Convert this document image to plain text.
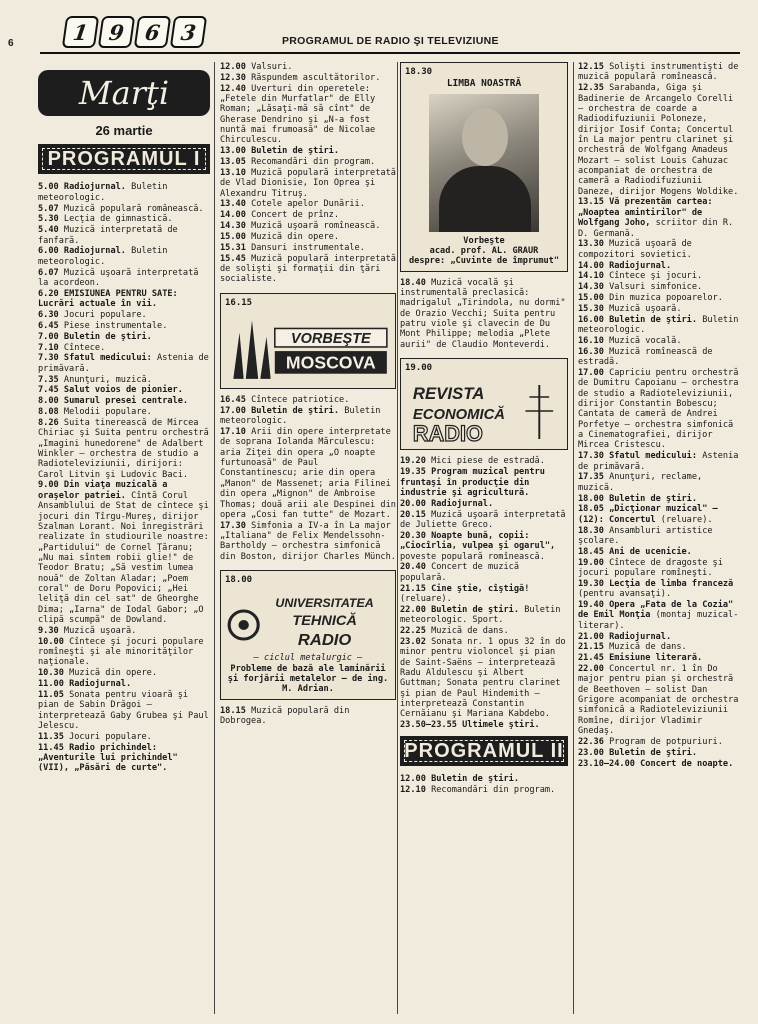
6	1 9 6 3	PROGRAMUL DE RADIO ŞI TELEVIZIUNE
Marţi
26 martie
PROGRAMUL I
5.00 Radiojurnal. Buletin meteorologic.
5.07 Muzică populară românească.
5.30 Lecţia de gimnastică.
5.40 Muzică interpretată de fanfară.
6.00 Radiojurnal. Buletin meteorologic.
6.07 Muzică uşoară interpretată la acordeon.
6.20 EMISIUNEA PENTRU SATE: Lucrări actuale în vii.
6.30 Jocuri populare.
6.45 Piese instrumentale.
7.00 Buletin de ştiri.
7.10 Cîntece.
7.30 Sfatul medicului: Astenia de primăvară.
7.35 Anunţuri, muzică.
7.45 Salut voios de pionier.
8.00 Sumarul presei centrale.
8.08 Melodii populare.
8.26 Suita tinerească de Mircea Chiriac şi Suita pentru orchestră „Imagini hunedorene" de Adalbert Winkler — orchestra de studio a Radioteleviziunii, dirijori: Carol Litvin şi Ludovic Baci.
9.00 Din viaţa muzicală a oraşelor patriei. Cîntă Corul Ansamblului de Stat de cîntece şi jocuri din Tîrgu-Mureş, dirijor Szalman Lorant. Noi înregistrări realizate în studiourile noastre: „Partidului" de Cornel Ţăranu; „Nu mai sîntem robii glie!" de Teodor Bratu; „Să vestim lumea nouă" de Zoltan Aladar; „Poem coral" de Doru Popovici; „Hei leliţă din cel sat" de Gheorghe Dima; „Iarna" de Iodal Gabor; „O clipă scumpă" de Dowland.
9.30 Muzică uşoară.
10.00 Cîntece şi jocuri populare romîneşti şi ale minorităţilor naţionale.
10.30 Muzică din opere.
11.00 Radiojurnal.
11.05 Sonata pentru vioară şi pian de Sabin Drăgoi — interpretează Gaby Grubea şi Paul Jelescu.
11.35 Jocuri populare.
11.45 Radio prichindel: „Aventurile lui prichindel" (VII), „Păsări de curte".
12.00 Valsuri.
12.30 Răspundem ascultătorilor.
12.40 Uverturi din operetele: „Fetele din Murfatlar" de Elly Roman; „Lăsaţi-mă să cînt" de Gherase Dendrino şi „N-a fost nuntă mai frumoasă" de Nicolae Chirculescu.
13.00 Buletin de ştiri.
13.05 Recomandări din program.
13.10 Muzică populară interpretată de Vlad Dionisie, Ion Oprea şi Alexandru Titruş.
13.40 Cotele apelor Dunării.
14.00 Concert de prînz.
14.30 Muzică uşoară romînească.
15.00 Muzică din opere.
15.31 Dansuri instrumentale.
15.45 Muzică populară interpretată de solişti şi formaţii din ţări socialiste.
16.15
VORBEŞTE
MOSCOVA
16.45 Cîntece patriotice.
17.00 Buletin de ştiri. Buletin meteorologic.
17.10 Arii din opere interpretate de soprana Iolanda Mărculescu: aria Ziţei din opera „O noapte furtunoasă" de Paul Constantinescu; arie din opera „Manon" de Massenet; aria Filinei din opera „Mignon" de Ambroise Thomas; două arii ale Despinei din opera „Cosi fan tutte" de Mozart.
17.30 Simfonia a IV-a în La major „Italiana" de Felix Mendelssohn-Bartholdy — orchestra simfonică din Boston, dirijor Charles Münch.
18.00
UNIVERSITATEA
TEHNICĂ
RADIO
— ciclul metalurgic —
Probleme de bază ale laminării şi forjării metalelor — de ing. M. Adrian.
18.15 Muzică populară din Dobrogea.
18.30
LIMBA NOASTRĂ
Vorbeşte
acad. prof. AL. GRAUR
despre: „Cuvinte de împrumut"
18.40 Muzică vocală şi instrumentală preclasică: madrigalul „Tirindola, nu dormi" de Orazio Vecchi; Suita pentru patru viole şi clavecin de Du Mont Philippe; melodia „Plete aurii" de Claudio Monteverdi.
19.00
REVISTA
ECONOMICĂ
RADIO
19.20 Mici piese de estradă.
19.35 Program muzical pentru fruntaşi în producţie din industrie şi agricultură.
20.00 Radiojurnal.
20.15 Muzică uşoară interpretată de Juliette Greco.
20.30 Noapte bună, copii: „Ciocîrlia, vulpea şi ogarul", poveste populară romînească.
20.40 Concert de muzică populară.
21.15 Cine ştie, cîştigă! (reluare).
22.00 Buletin de ştiri. Buletin meteorologic. Sport.
22.25 Muzică de dans.
23.02 Sonata nr. 1 opus 32 în do minor pentru violoncel şi pian de Saint-Saëns — interpretează Radu Aldulescu şi Albert Guttman; Sonata pentru clarinet şi pian de Paul Hindemith — interpretează Constantin Cernăianu şi Mariana Kabdebo.
23.50—23.55 Ultimele ştiri.
PROGRAMUL II
12.00 Buletin de ştiri.
12.10 Recomandări din program.
12.15 Solişti instrumentişti de muzică populară romînească.
12.35 Sarabanda, Giga şi Badinerie de Arcangelo Corelli — orchestra de coarde a Radiodifuziunii Poloneze, dirijor Iosif Conta; Concertul în La major pentru clarinet şi orchestră de Wolfgang Amadeus Mozart — solist Louis Cahuzac acompaniat de orchestra de cameră a Radiodifuziunii Daneze, dirijor Mogens Woldike.
13.15 Vă prezentăm cartea: „Noaptea amintirilor" de Wolfgang Joho, scriitor din R. D. Germană.
13.30 Muzică uşoară de compozitori sovietici.
14.00 Radiojurnal.
14.10 Cîntece şi jocuri.
14.30 Valsuri simfonice.
15.00 Din muzica popoarelor.
15.30 Muzică uşoară.
16.00 Buletin de ştiri. Buletin meteorologic.
16.10 Muzică vocală.
16.30 Muzică romînească de estradă.
17.00 Capriciu pentru orchestră de Dumitru Capoianu — orchestra de studio a Radioteleviziunii, dirijor Constantin Bobescu; Cantata de cameră de Andrei Porfetye — orchestra simfonică a Cinematografiei, dirijor Mircea Cristescu.
17.30 Sfatul medicului: Astenia de primăvară.
17.35 Anunţuri, reclame, muzică.
18.00 Buletin de ştiri.
18.05 „Dicţionar muzical" — (12): Concertul (reluare).
18.30 Ansambluri artistice şcolare.
18.45 Ani de ucenicie.
19.00 Cîntece de dragoste şi jocuri populare romîneşti.
19.30 Lecţia de limba franceză (pentru avansaţi).
19.40 Opera „Fata de la Cozia" de Emil Monţia (montaj muzical-literar).
21.00 Radiojurnal.
21.15 Muzică de dans.
21.45 Emisiune literară.
22.00 Concertul nr. 1 în Do major pentru pian şi orchestră de Beethoven — solist Dan Grigore acompaniat de orchestra simfonică a Radioteleviziunii Romîne, dirijor Vladimir Gnedaş.
22.36 Program de potpuriuri.
23.00 Buletin de ştiri.
23.10—24.00 Concert de noapte.
